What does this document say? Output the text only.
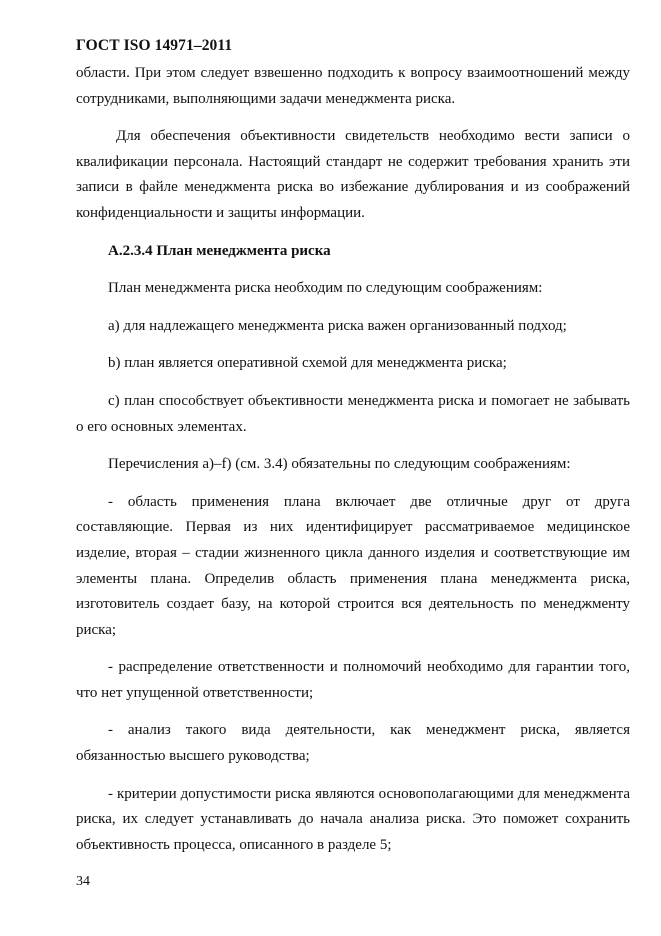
ГОСТ ISO 14971–2011

области. При этом следует взвешенно подходить к вопросу взаимоотношений между сотрудниками, выполняющими задачи менеджмента риска.

Для обеспечения объективности свидетельств необходимо вести записи о квалификации персонала. Настоящий стандарт не содержит требования хранить эти записи в файле менеджмента риска во избежание дублирования и из соображений конфиденциальности и защиты информации.

А.2.3.4 План менеджмента риска

План менеджмента риска необходим по следующим соображениям:

а) для надлежащего менеджмента риска важен организованный подход;

b) план является оперативной схемой для менеджмента риска;

с) план способствует объективности менеджмента риска и помогает не забывать о его основных элементах.

Перечисления a)–f) (см. 3.4) обязательны по следующим соображениям:

- область применения плана включает две отличные друг от друга составляющие. Первая из них идентифицирует рассматриваемое медицинское изделие, вторая – стадии жизненного цикла данного изделия и соответствующие им элементы плана. Определив область применения плана менеджмента риска, изготовитель создает базу, на которой строится вся деятельность по менеджменту риска;

- распределение ответственности и полномочий необходимо для гарантии того, что нет упущенной ответственности;

- анализ такого вида деятельности, как менеджмент риска, является обязанностью высшего руководства;

- критерии допустимости риска являются основополагающими для менеджмента риска, их следует устанавливать до начала анализа риска. Это поможет сохранить объективность процесса, описанного в разделе 5;

34
